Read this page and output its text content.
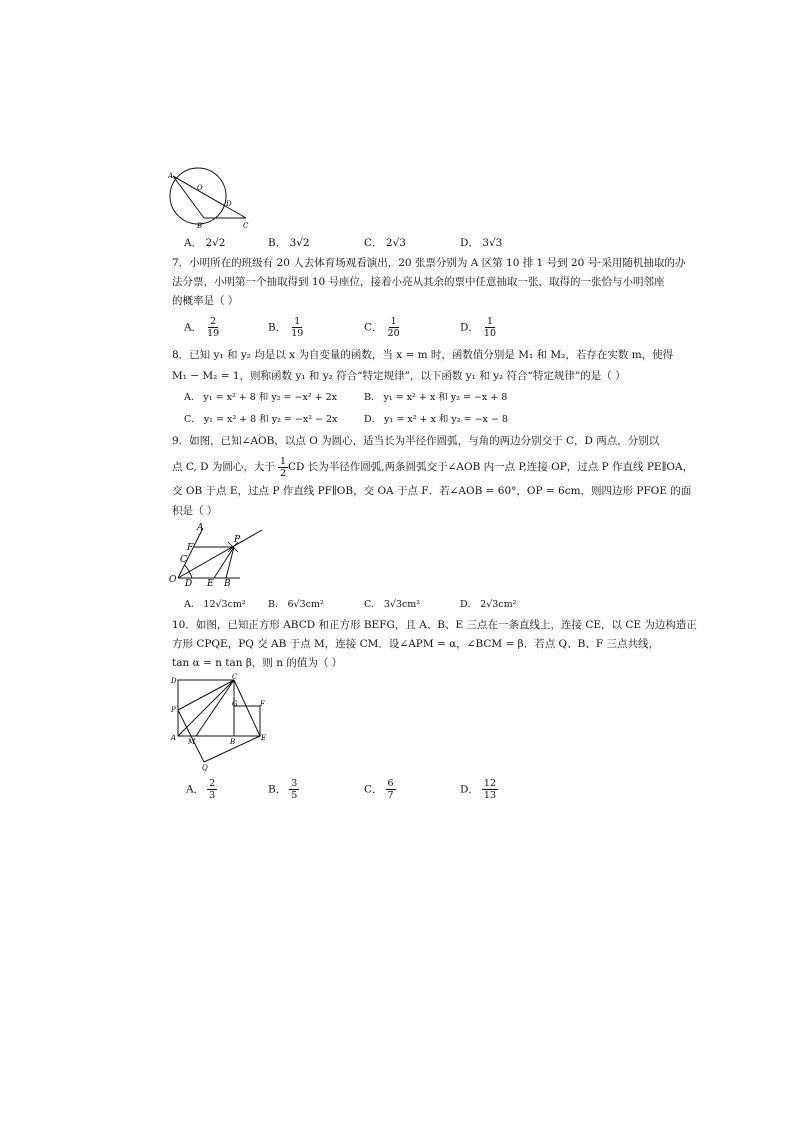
A
O
D
B	C
A． 2√2	B． 3√2	C． 2√3	D． 3√3
7．小明所在的班级有 20 人去体育场观看演出，20 张票分别为 A 区第 10 排 1 号到 20 号·采用随机抽取的办
法分票，小明第一个抽取得到 10 号座位，接着小亮从其余的票中任意抽取一张，取得的一张恰与小明邻座
的概率是（ ）
A． $\frac{2}{19}$	B． $\frac{1}{19}$	C． $\frac{1}{20}$	D． $\frac{1}{10}$
8．已知 y₁ 和 y₂ 均是以 x 为自变量的函数，当 x = m 时，函数值分别是 M₁ 和 M₂，若存在实数 m，使得
M₁ − M₂ = 1，则称函数 y₁ 和 y₂ 符合“特定规律”，以下函数 y₁ 和 y₂ 符合“特定规律”的是（ ）
A． y₁ = x² + 8 和 y₂ = −x² + 2x	B． y₁ = x² + x 和 y₂ = −x + 8
C． y₁ = x² + 8 和 y₂ = −x² − 2x	D． y₁ = x² + x 和 y₂ = −x − 8
9．如图，已知∠AOB，以点 O 为圆心，适当长为半径作圆弧，与角的两边分别交于 C，D 两点，分别以
点 C, D 为圆心，大于 $\frac{1}{2}$ CD 长为半径作圆弧,两条圆弧交于∠AOB 内一点 P,连接 OP，过点 P 作直线 PE∥OA，
交 OB 于点 E，过点 P 作直线 PF∥OB，交 OA 于点 F．若∠AOB = 60°，OP = 6cm，则四边形 PFOE 的面
积是（ ）
A
F
P
C
O D E B
A． 12√3cm² B． 6√3cm²	C． 3√3cm²	D． 2√3cm²
10．如图，已知正方形 ABCD 和正方形 BEFG，且 A、B、E 三点在一条直线上，连接 CE，以 CE 为边构造正
方形 CPQE，PQ 交 AB 于点 M，连接 CM．设∠APM = α，∠BCM = β．若点 Q、B、F 三点共线，
tan α = n tan β，则 n 的值为（ ）
D	C
G	F
P
A M	B	E
Q
A． $\frac{2}{3}$	B． $\frac{3}{5}$	C． $\frac{6}{7}$	D． $\frac{12}{13}$
